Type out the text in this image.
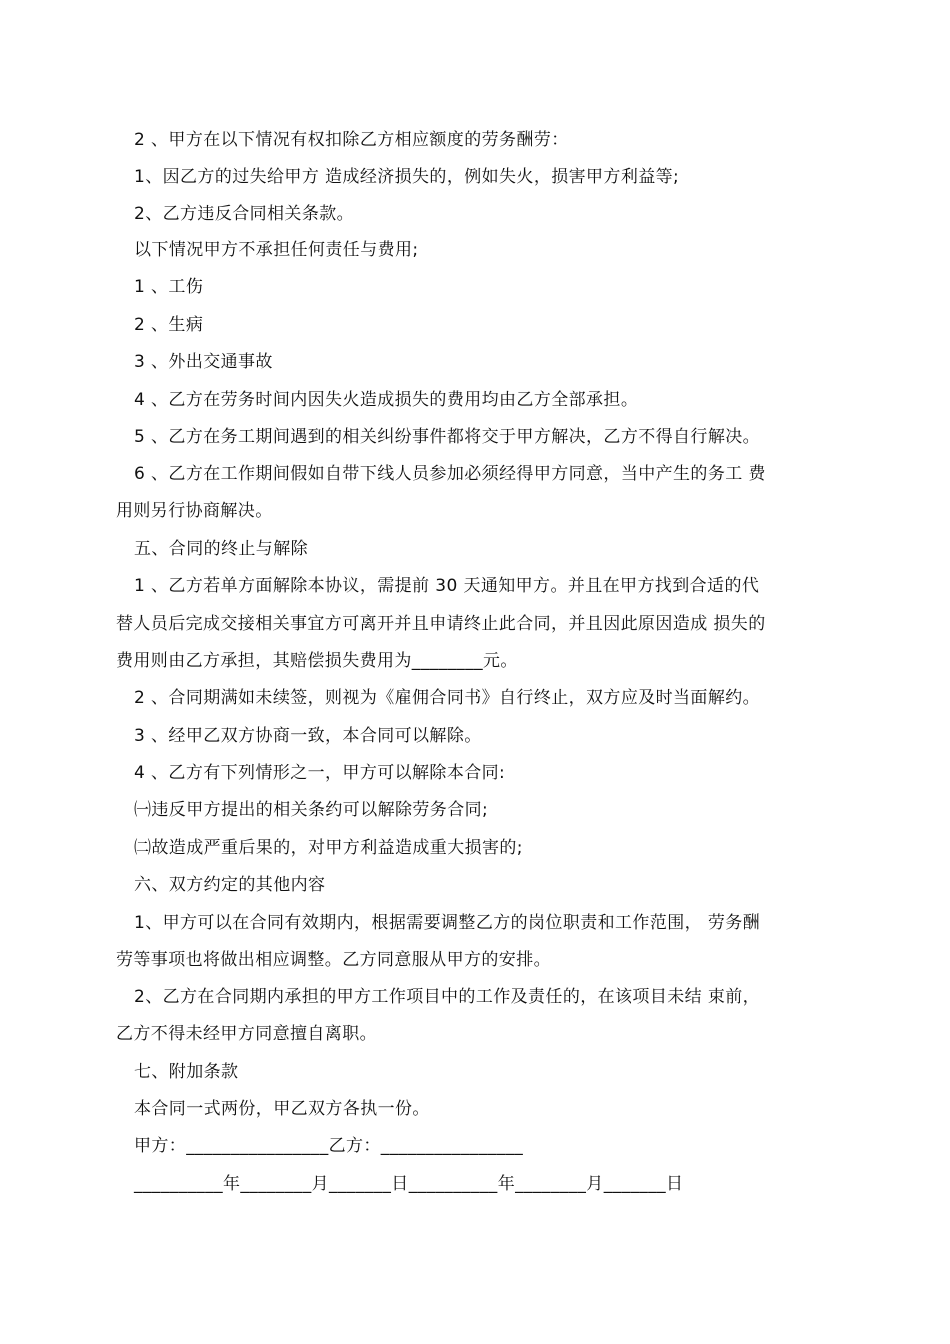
2 、甲方在以下情况有权扣除乙方相应额度的劳务酬劳：
1、因乙方的过失给甲方 造成经济损失的，例如失火，损害甲方利益等;
2、乙方违反合同相关条款。
以下情况甲方不承担任何责任与费用;
1 、工伤
2 、生病
3 、外出交通事故
4 、乙方在劳务时间内因失火造成损失的费用均由乙方全部承担。
5 、乙方在务工期间遇到的相关纠纷事件都将交于甲方解决，乙方不得自行解决。
6 、乙方在工作期间假如自带下线人员参加必须经得甲方同意，当中产生的务工 费
用则另行协商解决。
五、合同的终止与解除
1 、乙方若单方面解除本协议，需提前 30 天通知甲方。并且在甲方找到合适的代
替人员后完成交接相关事宜方可离开并且申请终止此合同，并且因此原因造成 损失的
费用则由乙方承担，其赔偿损失费用为________元。
2 、合同期满如未续签，则视为《雇佣合同书》自行终止，双方应及时当面解约。
3 、经甲乙双方协商一致，本合同可以解除。
4 、乙方有下列情形之一，甲方可以解除本合同:
㈠违反甲方提出的相关条约可以解除劳务合同;
㈡故造成严重后果的，对甲方利益造成重大损害的;
六、双方约定的其他内容
1、甲方可以在合同有效期内，根据需要调整乙方的岗位职责和工作范围， 劳务酬
劳等事项也将做出相应调整。乙方同意服从甲方的安排。
2、乙方在合同期内承担的甲方工作项目中的工作及责任的，在该项目未结 束前，
乙方不得未经甲方同意擅自离职。
七、附加条款
本合同一式两份，甲乙双方各执一份。
甲方：________________乙方：________________
__________年________月_______日__________年________月_______日
